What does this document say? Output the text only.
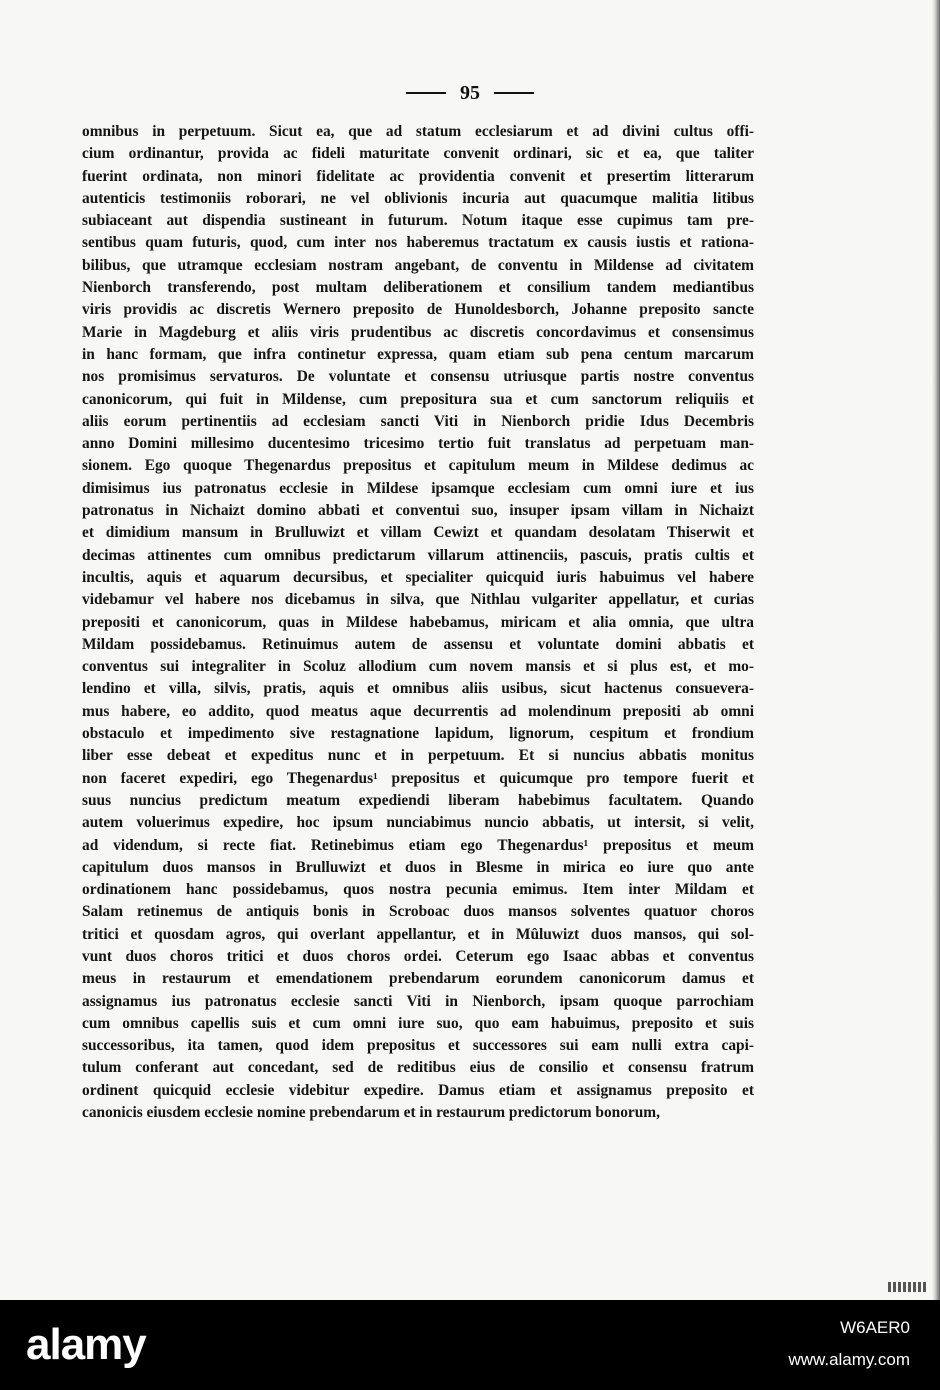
95
omnibus in perpetuum. Sicut ea, que ad statum ecclesiarum et ad divini cultus offi-
cium ordinantur, provida ac fideli maturitate convenit ordinari, sic et ea, que taliter
fuerint ordinata, non minori fidelitate ac providentia convenit et presertim litterarum
autenticis testimoniis roborari, ne vel oblivionis incuria aut quacumque malitia litibus
subiaceant aut dispendia sustineant in futurum. Notum itaque esse cupimus tam pre-
sentibus quam futuris, quod, cum inter nos haberemus tractatum ex causis iustis et rationa-
bilibus, que utramque ecclesiam nostram angebant, de conventu in Mildense ad civitatem
Nienborch transferendo, post multam deliberationem et consilium tandem mediantibus
viris providis ac discretis Wernero preposito de Hunoldesborch, Johanne preposito sancte
Marie in Magdeburg et aliis viris prudentibus ac discretis concordavimus et consensimus
in hanc formam, que infra continetur expressa, quam etiam sub pena centum marcarum
nos promisimus servaturos. De voluntate et consensu utriusque partis nostre conventus
canonicorum, qui fuit in Mildense, cum prepositura sua et cum sanctorum reliquiis et
aliis eorum pertinentiis ad ecclesiam sancti Viti in Nienborch pridie Idus Decembris
anno Domini millesimo ducentesimo tricesimo tertio fuit translatus ad perpetuam man-
sionem. Ego quoque Thegenardus prepositus et capitulum meum in Mildese dedimus ac
dimisimus ius patronatus ecclesie in Mildese ipsamque ecclesiam cum omni iure et ius
patronatus in Nichaizt domino abbati et conventui suo, insuper ipsam villam in Nichaizt
et dimidium mansum in Brulluwizt et villam Cewizt et quandam desolatam Thiserwit et
decimas attinentes cum omnibus predictarum villarum attinenciis, pascuis, pratis cultis et
incultis, aquis et aquarum decursibus, et specialiter quicquid iuris habuimus vel habere
videbamur vel habere nos dicebamus in silva, que Nithlau vulgariter appellatur, et curias
prepositi et canonicorum, quas in Mildese habebamus, miricam et alia omnia, que ultra
Mildam possidebamus. Retinuimus autem de assensu et voluntate domini abbatis et
conventus sui integraliter in Scoluz allodium cum novem mansis et si plus est, et mo-
lendino et villa, silvis, pratis, aquis et omnibus aliis usibus, sicut hactenus consuevera-
mus habere, eo addito, quod meatus aque decurrentis ad molendinum prepositi ab omni
obstaculo et impedimento sive restagnatione lapidum, lignorum, cespitum et frondium
liber esse debeat et expeditus nunc et in perpetuum. Et si nuncius abbatis monitus
non faceret expediri, ego Thegenardus¹ prepositus et quicumque pro tempore fuerit et
suus nuncius predictum meatum expediendi liberam habebimus facultatem. Quando
autem voluerimus expedire, hoc ipsum nunciabimus nuncio abbatis, ut intersit, si velit,
ad videndum, si recte fiat. Retinebimus etiam ego Thegenardus¹ prepositus et meum
capitulum duos mansos in Brulluwizt et duos in Blesme in mirica eo iure quo ante
ordinationem hanc possidebamus, quos nostra pecunia emimus. Item inter Mildam et
Salam retinemus de antiquis bonis in Scroboac duos mansos solventes quatuor choros
tritici et quosdam agros, qui overlant appellantur, et in Mûluwizt duos mansos, qui sol-
vunt duos choros tritici et duos choros ordei. Ceterum ego Isaac abbas et conventus
meus in restaurum et emendationem prebendarum eorundem canonicorum damus et
assignamus ius patronatus ecclesie sancti Viti in Nienborch, ipsam quoque parrochiam
cum omnibus capellis suis et cum omni iure suo, quo eam habuimus, preposito et suis
successoribus, ita tamen, quod idem prepositus et successores sui eam nulli extra capi-
tulum conferant aut concedant, sed de reditibus eius de consilio et consensu fratrum
ordinent quicquid ecclesie videbitur expedire. Damus etiam et assignamus preposito et
canonicis eiusdem ecclesie nomine prebendarum et in restaurum predictorum bonorum,
alamy	W6AER0
www.alamy.com
